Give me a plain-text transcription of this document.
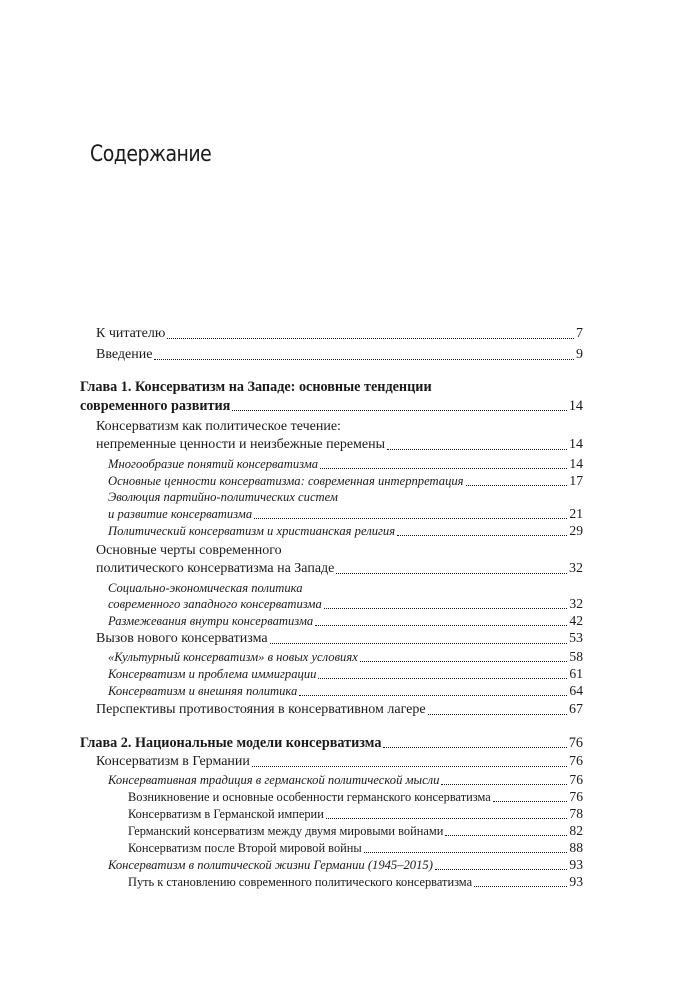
Содержание
К читателю	7
Введение	9
Глава 1. Консерватизм на Западе: основные тенденции
современного развития	14
Консерватизм как политическое течение:
непременные ценности и неизбежные перемены	14
Многообразие понятий консерватизма	14
Основные ценности консерватизма: современная интерпретация	17
Эволюция партийно-политических систем
и развитие консерватизма	21
Политический консерватизм и христианская религия	29
Основные черты современного
политического консерватизма на Западе	32
Социально-экономическая политика
современного западного консерватизма	32
Размежевания внутри консерватизма	42
Вызов нового консерватизма	53
«Культурный консерватизм» в новых условиях	58
Консерватизм и проблема иммиграции	61
Консерватизм и внешняя политика	64
Перспективы противостояния в консервативном лагере	67
Глава 2. Национальные модели консерватизма	76
Консерватизм в Германии	76
Консервативная традиция в германской политической мысли	76
Возникновение и основные особенности германского консерватизма	76
Консерватизм в Германской империи	78
Германский консерватизм между двумя мировыми войнами	82
Консерватизм после Второй мировой войны	88
Консерватизм в политической жизни Германии (1945–2015)	93
Путь к становлению современного политического консерватизма	93
